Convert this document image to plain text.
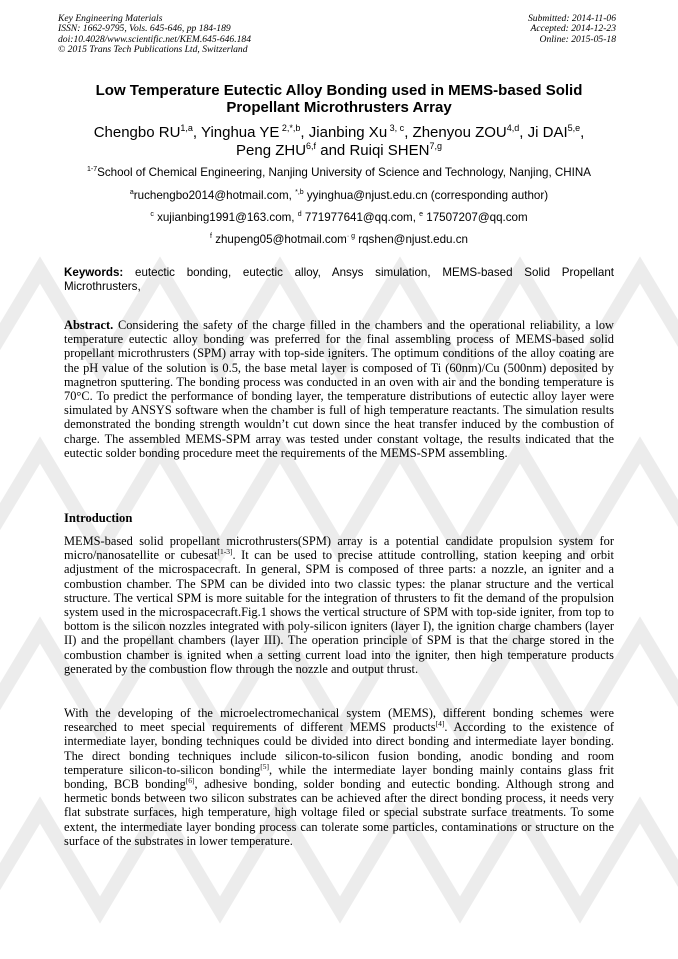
Key Engineering Materials
ISSN: 1662-9795, Vols. 645-646, pp 184-189
doi:10.4028/www.scientific.net/KEM.645-646.184
© 2015 Trans Tech Publications Ltd, Switzerland
Submitted: 2014-11-06
Accepted: 2014-12-23
Online: 2015-05-18
Low Temperature Eutectic Alloy Bonding used in MEMS-based Solid
Propellant Microthrusters Array
Chengbo RU$^{1,a}$, Yinghua YE $^{2,*,b}$, Jianbing Xu $^{3, c}$, Zhenyou ZOU$^{4,d}$, Ji DAI$^{5,e}$,
Peng ZHU$^{6,f}$ and Ruiqi SHEN$^{7,g}$
$^{1-7}$School of Chemical Engineering, Nanjing University of Science and Technology, Nanjing, CHINA
$^a$ruchengbo2014@hotmail.com, $^{*,b}$ yyinghua@njust.edu.cn (corresponding author)
$^c$ xujianbing1991@163.com, $^d$ 771977641@qq.com, $^e$ 17507207@qq.com
$^f$ zhupeng05@hotmail.com$^{\cdot g}$ rqshen@njust.edu.cn
Keywords: eutectic bonding, eutectic alloy, Ansys simulation, MEMS-based Solid Propellant Microthrusters,
Abstract. Considering the safety of the charge filled in the chambers and the operational reliability, a low temperature eutectic alloy bonding was preferred for the final assembling process of MEMS-based solid propellant microthrusters (SPM) array with top-side igniters. The optimum conditions of the alloy coating are the pH value of the solution is 0.5, the base metal layer is composed of Ti (60nm)/Cu (500nm) deposited by magnetron sputtering. The bonding process was conducted in an oven with air and the bonding temperature is 70°C. To predict the performance of bonding layer, the temperature distributions of eutectic alloy layer were simulated by ANSYS software when the chamber is full of high temperature reactants. The simulation results demonstrated the bonding strength wouldn’t cut down since the heat transfer induced by the combustion of charge. The assembled MEMS-SPM array was tested under constant voltage, the results indicated that the eutectic solder bonding procedure meet the requirements of the MEMS-SPM assembling.
Introduction
MEMS-based solid propellant microthrusters(SPM) array is a potential candidate propulsion system for micro/nanosatellite or cubesat[1-3]. It can be used to precise attitude controlling, station keeping and orbit adjustment of the microspacecraft. In general, SPM is composed of three parts: a nozzle, an igniter and a combustion chamber. The SPM can be divided into two classic types: the planar structure and the vertical structure. The vertical SPM is more suitable for the integration of thrusters to fit the demand of the propulsion system used in the microspacecraft.Fig.1 shows the vertical structure of SPM with top-side igniter, from top to bottom is the silicon nozzles integrated with poly-silicon igniters (layer I), the ignition charge chambers (layer II) and the propellant chambers (layer III). The operation principle of SPM is that the charge stored in the combustion chamber is ignited when a setting current load into the igniter, then high temperature products generated by the combustion flow through the nozzle and output thrust.
With the developing of the microelectromechanical system (MEMS), different bonding schemes were researched to meet special requirements of different MEMS products[4]. According to the existence of intermediate layer, bonding techniques could be divided into direct bonding and intermediate layer bonding. The direct bonding techniques include silicon-to-silicon fusion bonding, anodic bonding and room temperature silicon-to-silicon bonding[5], while the intermediate layer bonding mainly contains glass frit bonding, BCB bonding[6], adhesive bonding, solder bonding and eutectic bonding. Although strong and hermetic bonds between two silicon substrates can be achieved after the direct bonding process, it needs very flat substrate surfaces, high temperature, high voltage filed or special substrate surface treatments. To some extent, the intermediate layer bonding process can tolerate some particles, contaminations or structure on the surface of the substrates in lower temperature.
